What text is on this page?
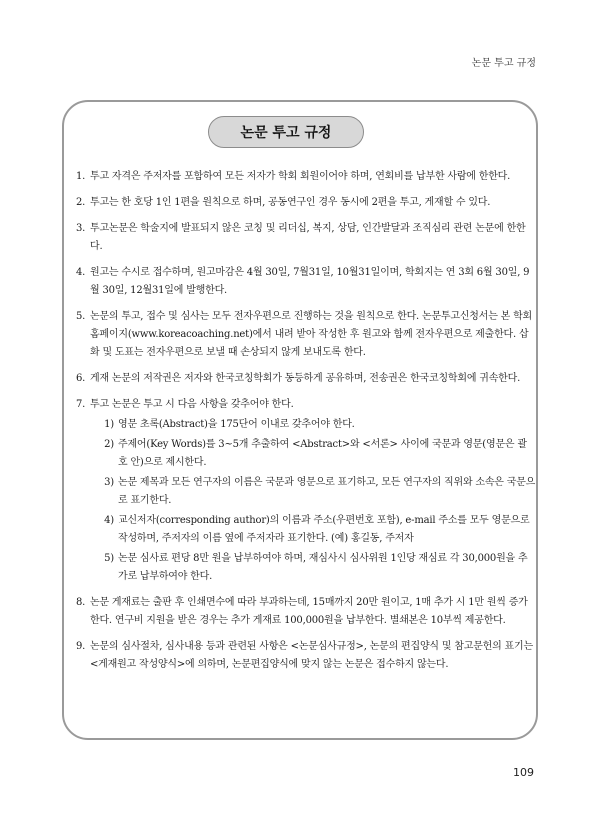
논문 투고 규정
논문 투고 규정
1. 투고 자격은 주저자를 포함하여 모든 저자가 학회 회원이어야 하며, 연회비를 납부한 사람에 한한다.
2. 투고는 한 호당 1인 1편을 원칙으로 하며, 공동연구인 경우 동시에 2편을 투고, 게재할 수 있다.
3. 투고논문은 학술지에 발표되지 않은 코칭 및 리더십, 복지, 상담, 인간발달과 조직심리 관련 논문에 한한다.
4. 원고는 수시로 접수하며, 원고마감은 4월 30일, 7월31일, 10월31일이며, 학회지는 연 3회 6월 30일, 9월 30일, 12월31일에 발행한다.
5. 논문의 투고, 접수 및 심사는 모두 전자우편으로 진행하는 것을 원칙으로 한다. 논문투고신청서는 본 학회 홈페이지(www.koreacoaching.net)에서 내려 받아 작성한 후 원고와 함께 전자우편으로 제출한다. 삽화 및 도표는 전자우편으로 보낼 때 손상되지 않게 보내도록 한다.
6. 게재 논문의 저작권은 저자와 한국코칭학회가 동등하게 공유하며, 전송권은 한국코칭학회에 귀속한다.
7. 투고 논문은 투고 시 다음 사항을 갖추어야 한다.
1) 영문 초록(Abstract)을 175단어 이내로 갖추어야 한다.
2) 주제어(Key Words)를 3~5개 추출하여 <Abstract>와 <서론> 사이에 국문과 영문(영문은 괄호 안)으로 제시한다.
3) 논문 제목과 모든 연구자의 이름은 국문과 영문으로 표기하고, 모든 연구자의 직위와 소속은 국문으로 표기한다.
4) 교신저자(corresponding author)의 이름과 주소(우편번호 포함), e-mail 주소를 모두 영문으로 작성하며, 주저자의 이름 옆에 주저자라 표기한다. (예) 홍길동, 주저자
5) 논문 심사료 편당 8만 원을 납부하여야 하며, 재심사시 심사위원 1인당 재심료 각 30,000원을 추가로 납부하여야 한다.
8. 논문 게재료는 출판 후 인쇄면수에 따라 부과하는데, 15매까지 20만 원이고, 1매 추가 시 1만 원씩 증가한다. 연구비 지원을 받은 경우는 추가 게재료 100,000원을 납부한다. 별쇄본은 10부씩 제공한다.
9. 논문의 심사절차, 심사내용 등과 관련된 사항은 <논문심사규정>, 논문의 편집양식 및 참고문헌의 표기는 <게재원고 작성양식>에 의하며, 논문편집양식에 맞지 않는 논문은 접수하지 않는다.
109
